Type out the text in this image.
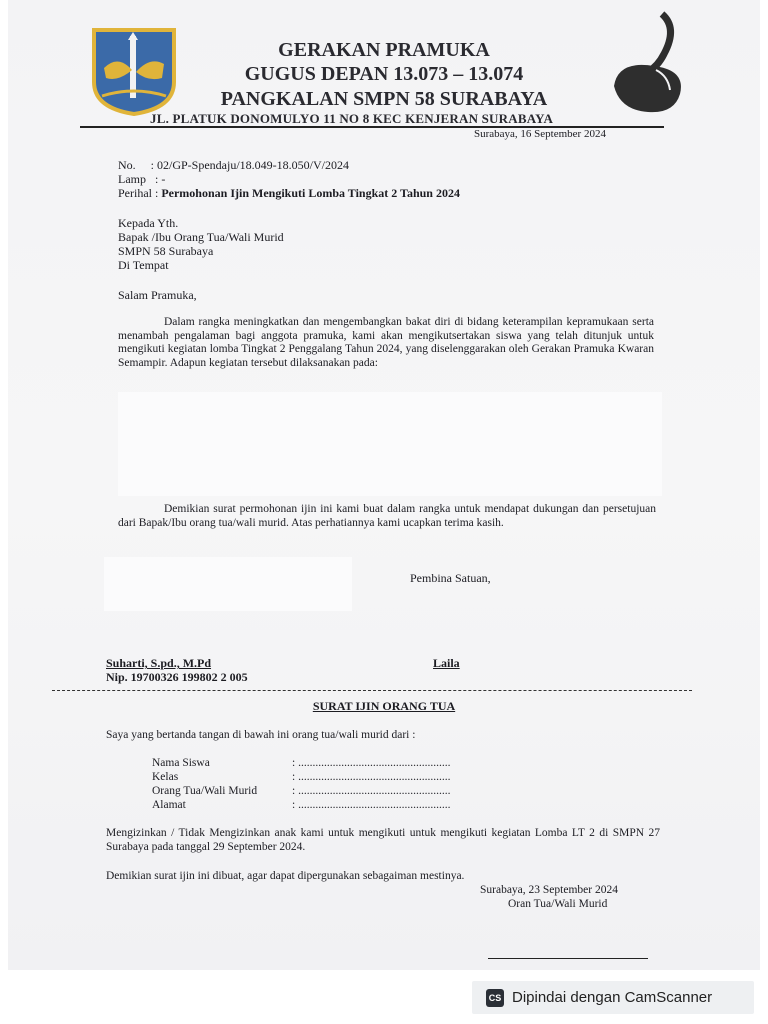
GERAKAN PRAMUKA
GUGUS DEPAN 13.073 – 13.074
PANGKALAN SMPN 58 SURABAYA
JL. PLATUK DONOMULYO 11 NO 8 KEC KENJERAN SURABAYA
Surabaya, 16 September 2024
No.     : 02/GP-Spendaju/18.049-18.050/V/2024
Lamp   : -
Perihal : Permohonan Ijin Mengikuti Lomba Tingkat 2 Tahun 2024
Kepada Yth.
Bapak /Ibu Orang Tua/Wali Murid
SMPN 58 Surabaya
Di Tempat
Salam Pramuka,
Dalam rangka meningkatkan dan mengembangkan bakat diri di bidang keterampilan kepramukaan serta menambah pengalaman bagi anggota pramuka, kami akan mengikutsertakan siswa yang telah ditunjuk untuk mengikuti kegiatan lomba Tingkat 2 Penggalang Tahun 2024, yang diselenggarakan oleh Gerakan Pramuka Kwaran Semampir. Adapun kegiatan tersebut dilaksanakan pada:
Demikian surat permohonan ijin ini kami buat dalam rangka untuk mendapat dukungan dan persetujuan dari Bapak/Ibu orang tua/wali murid. Atas perhatiannya kami ucapkan terima kasih.
Pembina Satuan,
Suharti, S.pd., M.Pd
Nip. 19700326 199802 2 005
Laila
SURAT IJIN ORANG TUA
Saya yang bertanda tangan di bawah ini orang tua/wali murid dari :
Nama Siswa	: .....................................................
Kelas	: .....................................................
Orang Tua/Wali Murid	: .....................................................
Alamat	: .....................................................
Mengizinkan / Tidak Mengizinkan anak kami untuk mengikuti untuk mengikuti kegiatan Lomba LT 2 di SMPN 27 Surabaya pada tanggal 29 September 2024.
Demikian surat ijin ini dibuat, agar dapat dipergunakan sebagaiman mestinya.
Surabaya, 23 September 2024
Oran Tua/Wali Murid
CS Dipindai dengan CamScanner
